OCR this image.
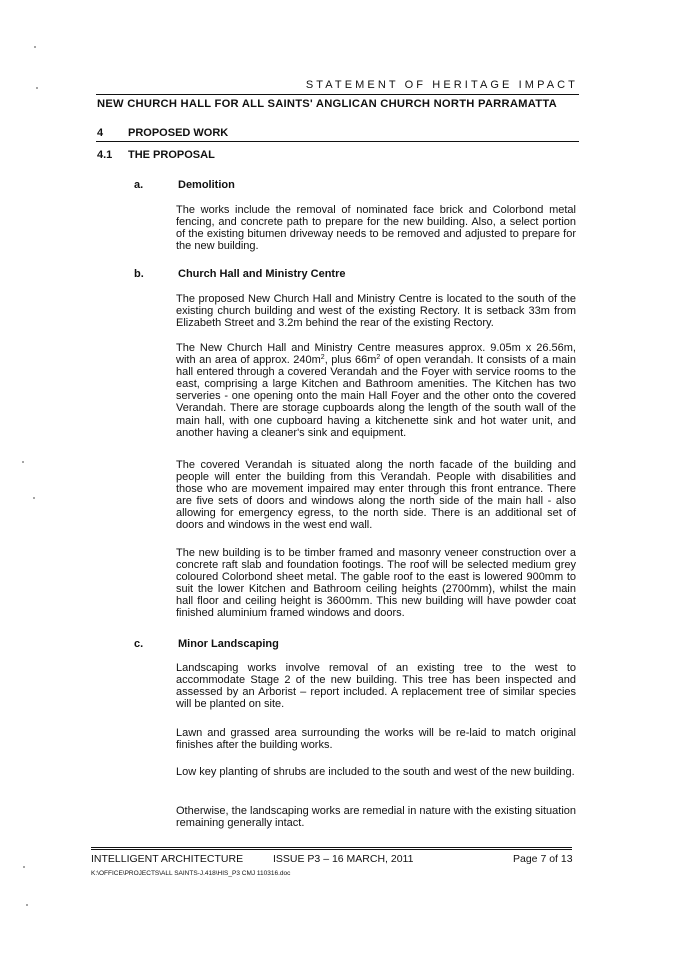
STATEMENT OF HERITAGE IMPACT
NEW CHURCH HALL FOR ALL SAINTS' ANGLICAN CHURCH NORTH PARRAMATTA
4 PROPOSED WORK
4.1 THE PROPOSAL
a.	Demolition

The works include the removal of nominated face brick and Colorbond metal fencing, and concrete path to prepare for the new building. Also, a select portion of the existing bitumen driveway needs to be removed and adjusted to prepare for the new building.

b.	Church Hall and Ministry Centre

The proposed New Church Hall and Ministry Centre is located to the south of the existing church building and west of the existing Rectory. It is setback 33m from Elizabeth Street and 3.2m behind the rear of the existing Rectory.

The New Church Hall and Ministry Centre measures approx. 9.05m x 26.56m, with an area of approx. $240m^2$, plus $66m^2$ of open verandah. It consists of a main hall entered through a covered Verandah and the Foyer with service rooms to the east, comprising a large Kitchen and Bathroom amenities. The Kitchen has two serveries - one opening onto the main Hall Foyer and the other onto the covered Verandah. There are storage cupboards along the length of the south wall of the main hall, with one cupboard having a kitchenette sink and hot water unit, and another having a cleaner's sink and equipment.

The covered Verandah is situated along the north facade of the building and people will enter the building from this Verandah. People with disabilities and those who are movement impaired may enter through this front entrance. There are five sets of doors and windows along the north side of the main hall - also allowing for emergency egress, to the north side. There is an additional set of doors and windows in the west end wall.

The new building is to be timber framed and masonry veneer construction over a concrete raft slab and foundation footings. The roof will be selected medium grey coloured Colorbond sheet metal. The gable roof to the east is lowered 900mm to suit the lower Kitchen and Bathroom ceiling heights (2700mm), whilst the main hall floor and ceiling height is 3600mm. This new building will have powder coat finished aluminium framed windows and doors.

c.	Minor Landscaping

Landscaping works involve removal of an existing tree to the west to accommodate Stage 2 of the new building. This tree has been inspected and assessed by an Arborist – report included. A replacement tree of similar species will be planted on site.

Lawn and grassed area surrounding the works will be re-laid to match original finishes after the building works.

Low key planting of shrubs are included to the south and west of the new building.

Otherwise, the landscaping works are remedial in nature with the existing situation remaining generally intact.

INTELLIGENT ARCHITECTURE	ISSUE P3 – 16 MARCH, 2011	Page 7 of 13
K:\OFFICE\PROJECTS\ALL SAINTS-J.418\HIS_P3 CMJ 110316.doc
